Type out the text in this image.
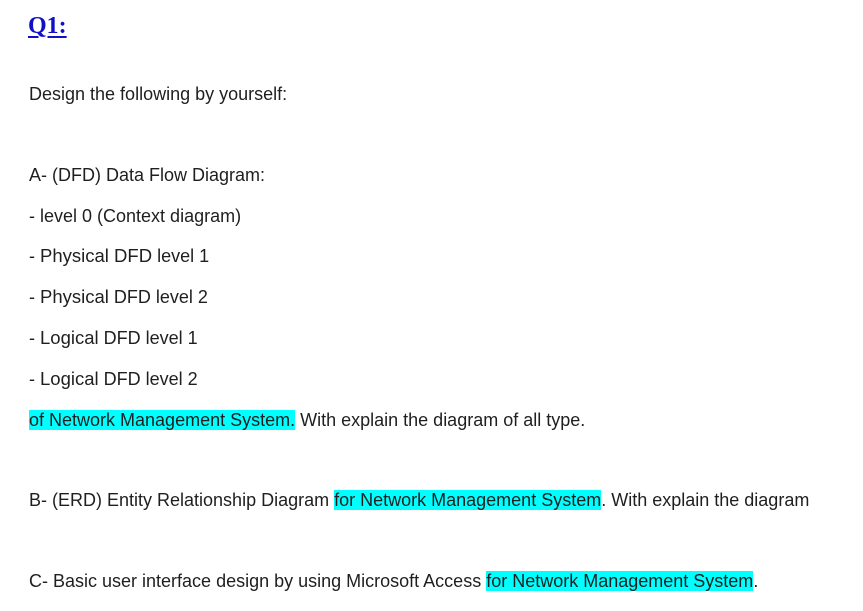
Q1:
Design the following by yourself:
A- (DFD) Data Flow Diagram:
- level 0 (Context diagram)
- Physical DFD level 1
- Physical DFD level 2
- Logical DFD level 1
- Logical DFD level 2
of Network Management System. With explain the diagram of all type.
B- (ERD) Entity Relationship Diagram for Network Management System. With explain the diagram
C- Basic user interface design by using Microsoft Access for Network Management System.
